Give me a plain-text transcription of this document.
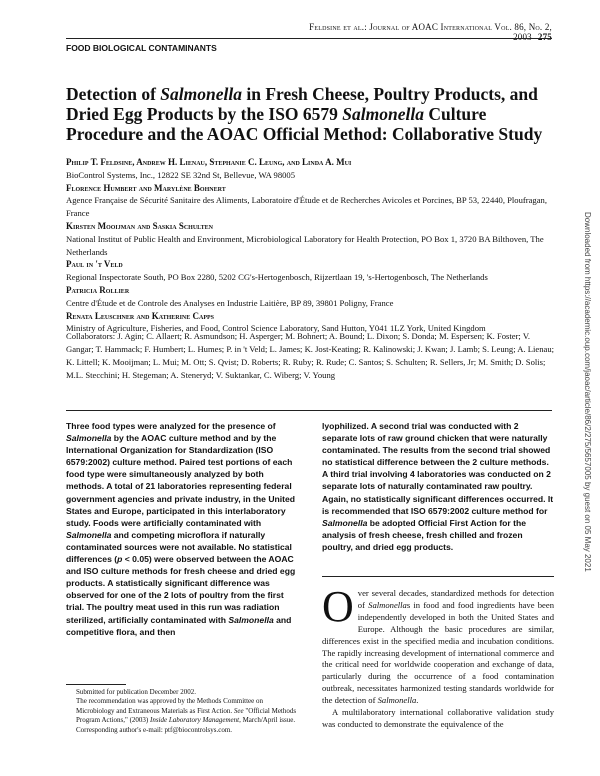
Feldsine et al.: Journal of AOAC International Vol. 86, No. 2, 2003 275
FOOD BIOLOGICAL CONTAMINANTS
Detection of Salmonella in Fresh Cheese, Poultry Products, and Dried Egg Products by the ISO 6579 Salmonella Culture Procedure and the AOAC Official Method: Collaborative Study
Philip T. Feldsine, Andrew H. Lienau, Stephanie C. Leung, and Linda A. Mui
BioControl Systems, Inc., 12822 SE 32nd St, Bellevue, WA 98005
Florence Humbert and Marylène Bohnert
Agence Française de Sécurité Sanitaire des Aliments, Laboratoire d'Étude et de Recherches Avicoles et Porcines, BP 53, 22440, Ploufragan, France
Kirsten Mooijman and Saskia Schulten
National Institut of Public Health and Environment, Microbiological Laboratory for Health Protection, PO Box 1, 3720 BA Bilthoven, The Netherlands
Paul in 't Veld
Regional Inspectorate South, PO Box 2280, 5202 CG's-Hertogenbosch, Rijzertlaan 19, 's-Hertogenbosch, The Netherlands
Patricia Rollier
Centre d'Étude et de Controle des Analyses en Industrie Laitière, BP 89, 39801 Poligny, France
Renata Leuschner and Katherine Capps
Ministry of Agriculture, Fisheries, and Food, Control Science Laboratory, Sand Hutton, Y041 1LZ York, United Kingdom
Collaborators: J. Agin; C. Allaert; R. Asmundson; H. Asperger; M. Bohnert; A. Bound; L. Dixon; S. Donda; M. Espersen; K. Foster; V. Gangar; T. Hammack; F. Humbert; L. Humes; P. in 't Veld; L. James; K. Jost-Keating; R. Kalinowski; J. Kwan; J. Lamb; S. Leung; A. Lienau; K. Littell; K. Mooijman; L. Mui; M. Ott; S. Qvist; D. Roberts; R. Ruby; R. Rude; C. Santos; S. Schulten; R. Sellers, Jr; M. Smith; D. Solis; M.L. Stecchini; H. Stegeman; A. Steneryd; V. Suktankar, C. Wiberg; V. Young
Three food types were analyzed for the presence of Salmonella by the AOAC culture method and by the International Organization for Standardization (ISO 6579:2002) culture method. Paired test portions of each food type were simultaneously analyzed by both methods. A total of 21 laboratories representing federal government agencies and private industry, in the United States and Europe, participated in this interlaboratory study. Foods were artificially contaminated with Salmonella and competing microflora if naturally contaminated sources were not available. No statistical differences (p < 0.05) were observed between the AOAC and ISO culture methods for fresh cheese and dried egg products. A statistically significant difference was observed for one of the 2 lots of poultry from the first trial. The poultry meat used in this run was radiation sterilized, artificially contaminated with Salmonella and competitive flora, and then
lyophilized. A second trial was conducted with 2 separate lots of raw ground chicken that were naturally contaminated. The results from the second trial showed no statistical difference between the 2 culture methods. A third trial involving 4 laboratories was conducted on 2 separate lots of naturally contaminated raw poultry. Again, no statistically significant differences occurred. It is recommended that ISO 6579:2002 culture method for Salmonella be adopted Official First Action for the analysis of fresh cheese, fresh chilled and frozen poultry, and dried egg products.

Over several decades, standardized methods for detection of Salmonellas in food and food ingredients have been independently developed in both the United States and Europe. Although the basic procedures are similar, differences exist in the specified media and incubation conditions. The rapidly increasing development of international commerce and the critical need for worldwide cooperation and exchange of data, particularly during the occurrence of a food contamination outbreak, necessitates harmonized testing standards worldwide for the detection of Salmonella.

A multilaboratory international collaborative validation study was conducted to demonstrate the equivalence of the

Submitted for publication December 2002.

The recommendation was approved by the Methods Committee on Microbiology and Extraneous Materials as First Action. See "Official Methods Program Actions," (2003) Inside Laboratory Management, March/April issue.

Corresponding author's e-mail: ptf@biocontrolsys.com.

Downloaded from https://academic.oup.com/jaoac/article/86/2/275/5657005 by guest on 05 May 2021
